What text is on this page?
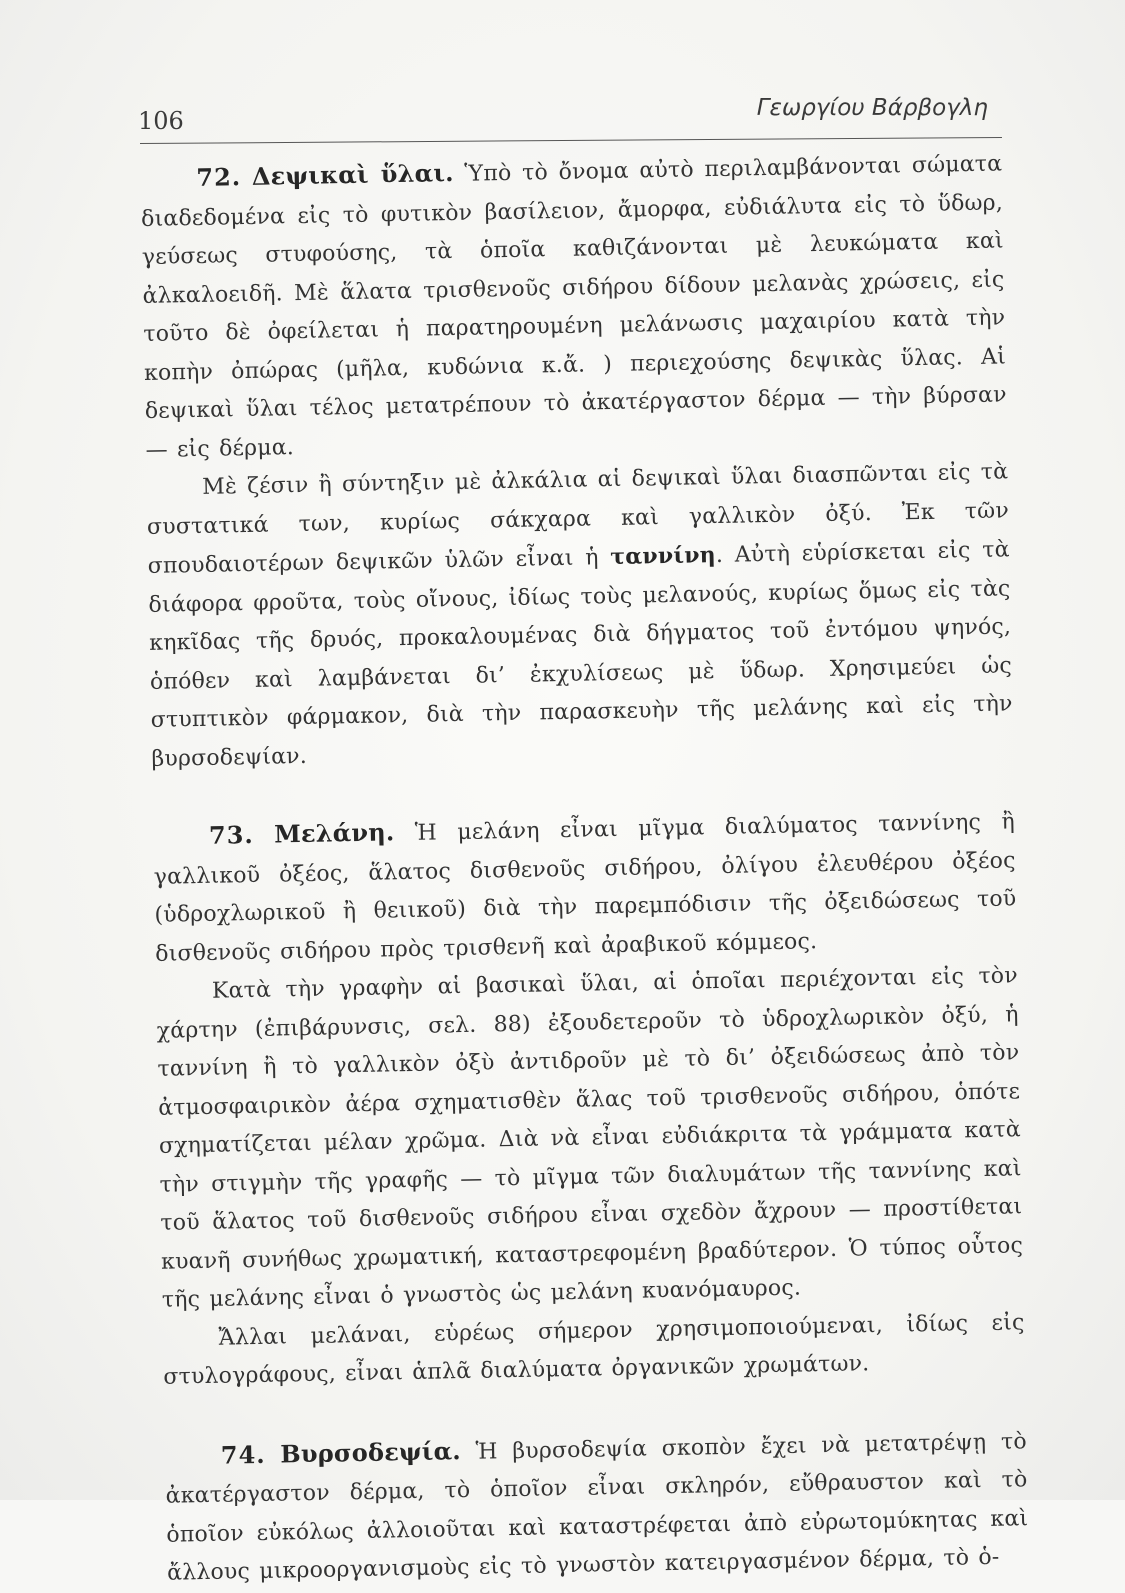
106	Γεωργίου Βάρβογλη

72. Δεψικαὶ ὕλαι. Ὑπὸ τὸ ὄνομα αὐτὸ περιλαμβάνονται σώματα διαδεδομένα εἰς τὸ φυτικὸν βασίλειον, ἄμορφα, εὐδιάλυτα εἰς τὸ ὕδωρ, γεύσεως στυφούσης, τὰ ὁποῖα καθιζάνονται μὲ λευκώματα καὶ ἀλκαλοειδῆ. Μὲ ἅλατα τρισθενοῦς σιδήρου δίδουν μελανὰς χρώσεις, εἰς τοῦτο δὲ ὀφείλεται ἡ παρατηρουμένη μελάνωσις μαχαιρίου κατὰ τὴν κοπὴν ὀπώρας (μῆλα, κυδώνια κ.ἄ. ) περιεχούσης δεψικὰς ὕλας. Αἱ δεψικαὶ ὕλαι τέλος μετατρέπουν τὸ ἀκατέργαστον δέρμα — τὴν βύρσαν — εἰς δέρμα.

Μὲ ζέσιν ἢ σύντηξιν μὲ ἀλκάλια αἱ δεψικαὶ ὕλαι διασπῶνται εἰς τὰ συστατικά των, κυρίως σάκχαρα καὶ γαλλικὸν ὀξύ. Ἐκ τῶν σπουδαιοτέρων δεψικῶν ὑλῶν εἶναι ἡ ταννίνη. Αὐτὴ εὑρίσκεται εἰς τὰ διάφορα φροῦτα, τοὺς οἴνους, ἰδίως τοὺς μελανούς, κυρίως ὅμως εἰς τὰς κηκῖδας τῆς δρυός, προκαλουμένας διὰ δήγματος τοῦ ἐντόμου ψηνός, ὁπόθεν καὶ λαμβάνεται δι’ ἐκχυλίσεως μὲ ὕδωρ. Χρησιμεύει ὡς στυπτικὸν φάρμακον, διὰ τὴν παρασκευὴν τῆς μελάνης καὶ εἰς τὴν βυρσοδεψίαν.

73. Μελάνη. Ἡ μελάνη εἶναι μῖγμα διαλύματος ταννίνης ἢ γαλλικοῦ ὀξέος, ἅλατος δισθενοῦς σιδήρου, ὀλίγου ἐλευθέρου ὀξέος (ὑδροχλωρικοῦ ἢ θειικοῦ) διὰ τὴν παρεμπόδισιν τῆς ὀξειδώσεως τοῦ δισθενοῦς σιδήρου πρὸς τρισθενῆ καὶ ἀραβικοῦ κόμμεος.

Κατὰ τὴν γραφὴν αἱ βασικαὶ ὕλαι, αἱ ὁποῖαι περιέχονται εἰς τὸν χάρτην (ἐπιβάρυνσις, σελ. 88) ἐξουδετεροῦν τὸ ὑδροχλωρικὸν ὀξύ, ἡ ταννίνη ἢ τὸ γαλλικὸν ὀξὺ ἀντιδροῦν μὲ τὸ δι’ ὀξειδώσεως ἀπὸ τὸν ἀτμοσφαιρικὸν ἀέρα σχηματισθὲν ἅλας τοῦ τρισθενοῦς σιδήρου, ὁπότε σχηματίζεται μέλαν χρῶμα. Διὰ νὰ εἶναι εὐδιάκριτα τὰ γράμματα κατὰ τὴν στιγμὴν τῆς γραφῆς — τὸ μῖγμα τῶν διαλυμάτων τῆς ταννίνης καὶ τοῦ ἅλατος τοῦ δισθενοῦς σιδήρου εἶναι σχεδὸν ἄχρουν — προστίθεται κυανῆ συνήθως χρωματική, καταστρεφομένη βραδύτερον. Ὁ τύπος οὗτος τῆς μελάνης εἶναι ὁ γνωστὸς ὡς μελάνη κυανόμαυρος.

Ἄλλαι μελάναι, εὑρέως σήμερον χρησιμοποιούμεναι, ἰδίως εἰς στυλογράφους, εἶναι ἁπλᾶ διαλύματα ὀργανικῶν χρωμάτων.

74. Βυρσοδεψία. Ἡ βυρσοδεψία σκοπὸν ἔχει νὰ μετατρέψῃ τὸ ἀκατέργαστον δέρμα, τὸ ὁποῖον εἶναι σκληρόν, εὔθραυστον καὶ τὸ ὁποῖον εὐκόλως ἀλλοιοῦται καὶ καταστρέφεται ἀπὸ εὐρωτομύκητας καὶ ἄλλους μικροοργανισμοὺς εἰς τὸ γνωστὸν κατειργασμένον δέρμα, τὸ ὁ-
